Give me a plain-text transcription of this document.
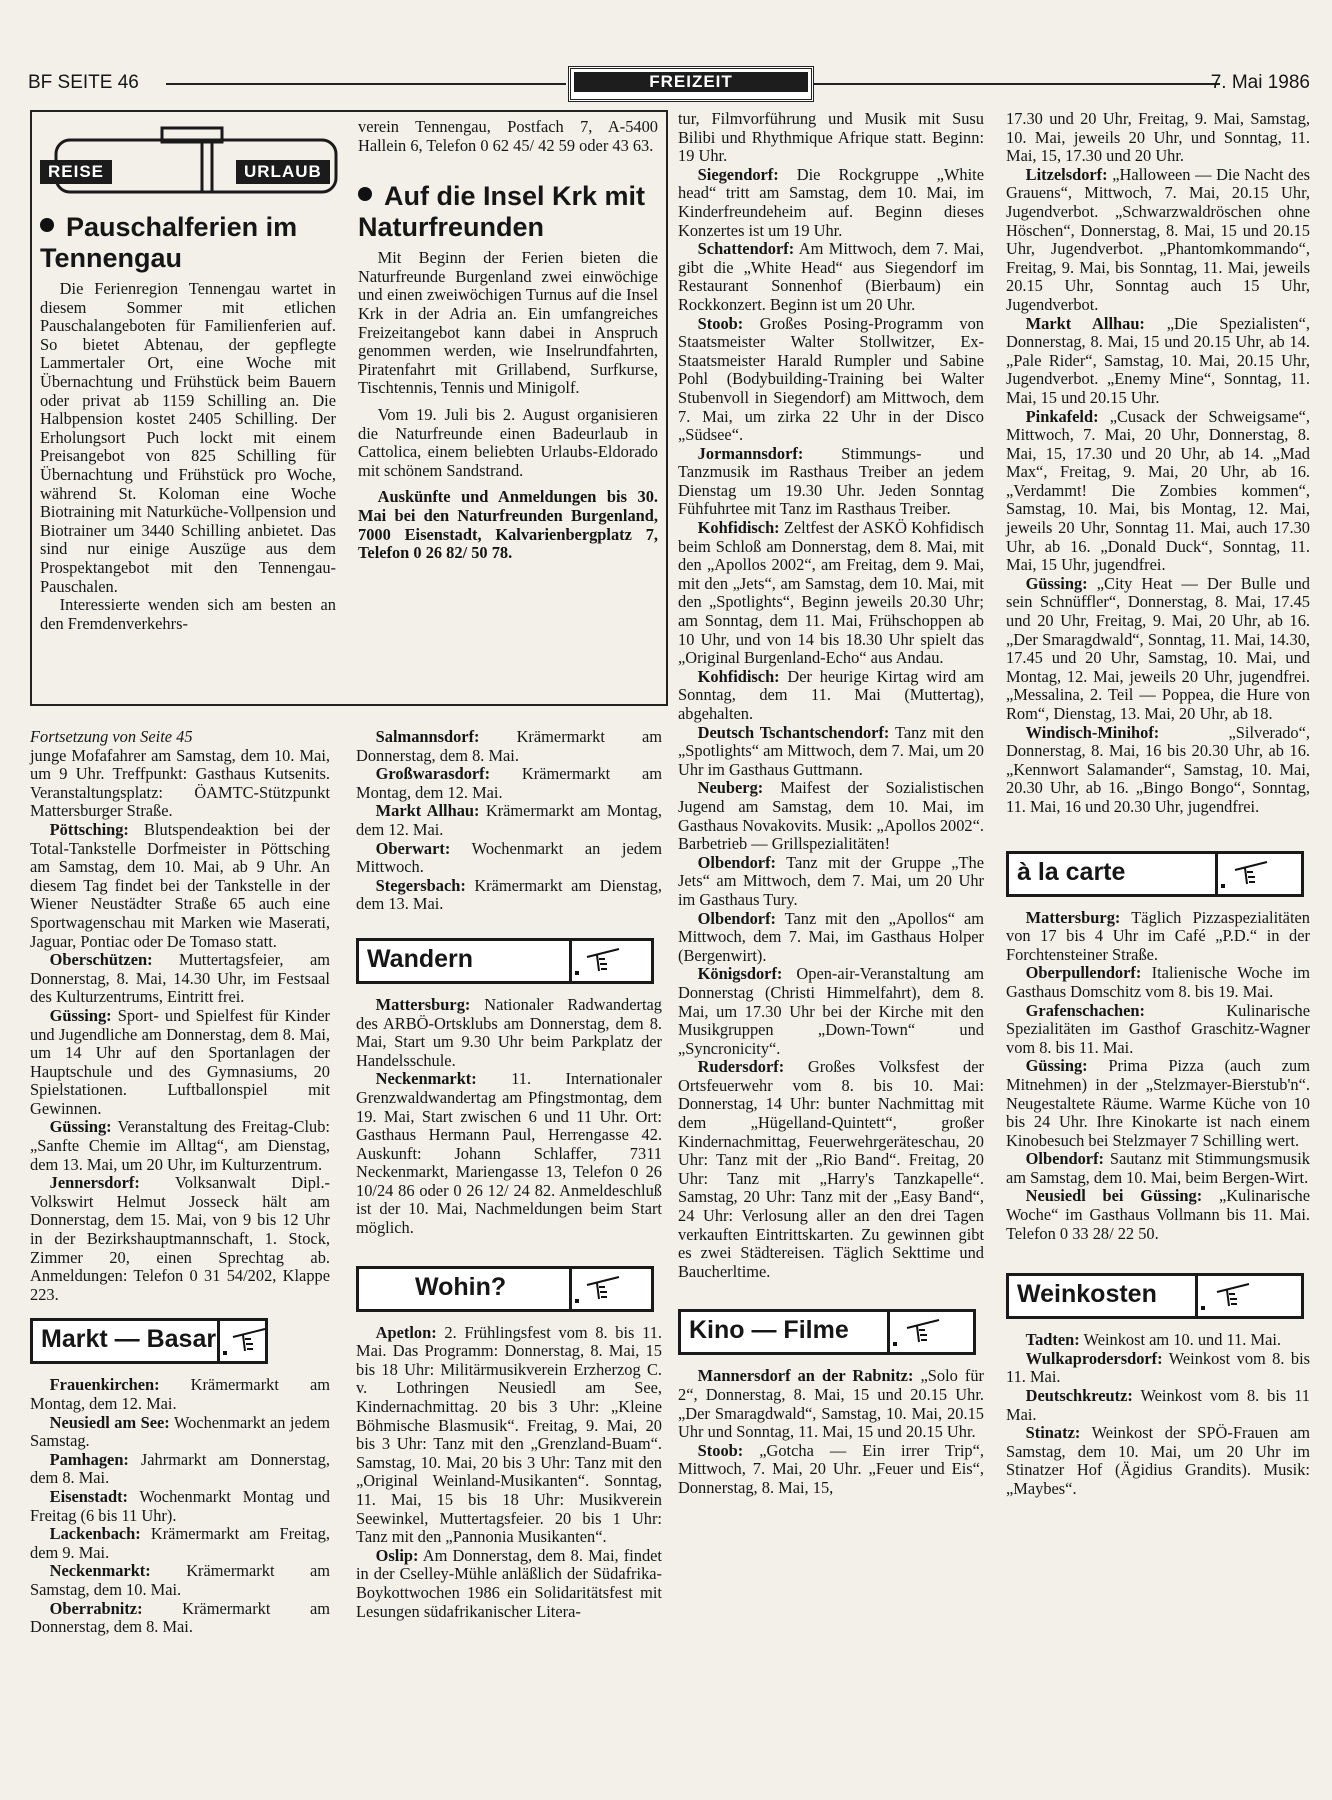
BF SEITE 46	FREIZEIT	7. Mai 1986
REISE	URLAUB
Pauschalferien im Tennengau

Die Ferienregion Tennengau wartet in diesem Sommer mit etlichen Pauschalangeboten für Familienferien auf. So bietet Abtenau, der gepflegte Lammertaler Ort, eine Woche mit Übernachtung und Frühstück beim Bauern oder privat ab 1159 Schilling an. Die Halbpension kostet 2405 Schilling. Der Erholungsort Puch lockt mit einem Preisangebot von 825 Schilling für Übernachtung und Frühstück pro Woche, während St. Koloman eine Woche Biotraining mit Naturküche-Vollpension und Biotrainer um 3440 Schilling anbietet. Das sind nur einige Auszüge aus dem Prospektangebot mit den Tennengau-Pauschalen.

Interessierte wenden sich am besten an den Fremdenverkehrs-

verein Tennengau, Postfach 7, A-5400 Hallein 6, Telefon 0 62 45/ 42 59 oder 43 63.

Auf die Insel Krk mit Naturfreunden

Mit Beginn der Ferien bieten die Naturfreunde Burgenland zwei einwöchige und einen zweiwöchigen Turnus auf die Insel Krk in der Adria an. Ein umfangreiches Freizeitangebot kann dabei in Anspruch genommen werden, wie Inselrundfahrten, Piratenfahrt mit Grillabend, Surfkurse, Tischtennis, Tennis und Minigolf.

Vom 19. Juli bis 2. August organisieren die Naturfreunde einen Badeurlaub in Cattolica, einem beliebten Urlaubs-Eldorado mit schönem Sandstrand.

Auskünfte und Anmeldungen bis 30. Mai bei den Naturfreunden Burgenland, 7000 Eisenstadt, Kalvarienbergplatz 7, Telefon 0 26 82/ 50 78.

Fortsetzung von Seite 45

junge Mofafahrer am Samstag, dem 10. Mai, um 9 Uhr. Treffpunkt: Gasthaus Kutsenits. Veranstaltungsplatz: ÖAMTC-Stützpunkt Mattersburger Straße.

Pöttsching: Blutspendeaktion bei der Total-Tankstelle Dorfmeister in Pöttsching am Samstag, dem 10. Mai, ab 9 Uhr. An diesem Tag findet bei der Tankstelle in der Wiener Neustädter Straße 65 auch eine Sportwagenschau mit Marken wie Maserati, Jaguar, Pontiac oder De Tomaso statt.

Oberschützen: Muttertagsfeier, am Donnerstag, 8. Mai, 14.30 Uhr, im Festsaal des Kulturzentrums, Eintritt frei.

Güssing: Sport- und Spielfest für Kinder und Jugendliche am Donnerstag, dem 8. Mai, um 14 Uhr auf den Sportanlagen der Hauptschule und des Gymnasiums, 20 Spielstationen. Luftballonspiel mit Gewinnen.

Güssing: Veranstaltung des Freitag-Club: „Sanfte Chemie im Alltag“, am Dienstag, dem 13. Mai, um 20 Uhr, im Kulturzentrum.

Jennersdorf: Volksanwalt Dipl.-Volkswirt Helmut Josseck hält am Donnerstag, dem 15. Mai, von 9 bis 12 Uhr in der Bezirkshauptmannschaft, 1. Stock, Zimmer 20, einen Sprechtag ab. Anmeldungen: Telefon 0 31 54/202, Klappe 223.

Markt — Basar

Frauenkirchen: Krämermarkt am Montag, dem 12. Mai.

Neusiedl am See: Wochenmarkt an jedem Samstag.

Pamhagen: Jahrmarkt am Donnerstag, dem 8. Mai.

Eisenstadt: Wochenmarkt Montag und Freitag (6 bis 11 Uhr).

Lackenbach: Krämermarkt am Freitag, dem 9. Mai.

Neckenmarkt: Krämermarkt am Samstag, dem 10. Mai.

Oberrabnitz: Krämermarkt am Donnerstag, dem 8. Mai.

Salmannsdorf: Krämermarkt am Donnerstag, dem 8. Mai.

Großwarasdorf: Krämermarkt am Montag, dem 12. Mai.

Markt Allhau: Krämermarkt am Montag, dem 12. Mai.

Oberwart: Wochenmarkt an jedem Mittwoch.

Stegersbach: Krämermarkt am Dienstag, dem 13. Mai.

Wandern

Mattersburg: Nationaler Radwandertag des ARBÖ-Ortsklubs am Donnerstag, dem 8. Mai, Start um 9.30 Uhr beim Parkplatz der Handelsschule.

Neckenmarkt: 11. Internationaler Grenzwaldwandertag am Pfingstmontag, dem 19. Mai, Start zwischen 6 und 11 Uhr. Ort: Gasthaus Hermann Paul, Herrengasse 42. Auskunft: Johann Schlaffer, 7311 Neckenmarkt, Mariengasse 13, Telefon 0 26 10/24 86 oder 0 26 12/ 24 82. Anmeldeschluß ist der 10. Mai, Nachmeldungen beim Start möglich.

Wohin?

Apetlon: 2. Frühlingsfest vom 8. bis 11. Mai. Das Programm: Donnerstag, 8. Mai, 15 bis 18 Uhr: Militärmusikverein Erzherzog C. v. Lothringen Neusiedl am See, Kindernachmittag. 20 bis 3 Uhr: „Kleine Böhmische Blasmusik“. Freitag, 9. Mai, 20 bis 3 Uhr: Tanz mit den „Grenzland-Buam“. Samstag, 10. Mai, 20 bis 3 Uhr: Tanz mit den „Original Weinland-Musikanten“. Sonntag, 11. Mai, 15 bis 18 Uhr: Musikverein Seewinkel, Muttertagsfeier. 20 bis 1 Uhr: Tanz mit den „Pannonia Musikanten“.

Oslip: Am Donnerstag, dem 8. Mai, findet in der Cselley-Mühle anläßlich der Südafrika-Boykottwochen 1986 ein Solidaritätsfest mit Lesungen südafrikanischer Litera-

tur, Filmvorführung und Musik mit Susu Bilibi und Rhythmique Afrique statt. Beginn: 19 Uhr.

Siegendorf: Die Rockgruppe „White head“ tritt am Samstag, dem 10. Mai, im Kinderfreundeheim auf. Beginn dieses Konzertes ist um 19 Uhr.

Schattendorf: Am Mittwoch, dem 7. Mai, gibt die „White Head“ aus Siegendorf im Restaurant Sonnenhof (Bierbaum) ein Rockkonzert. Beginn ist um 20 Uhr.

Stoob: Großes Posing-Programm von Staatsmeister Walter Stollwitzer, Ex-Staatsmeister Harald Rumpler und Sabine Pohl (Bodybuilding-Training bei Walter Stubenvoll in Siegendorf) am Mittwoch, dem 7. Mai, um zirka 22 Uhr in der Disco „Südsee“.

Jormannsdorf: Stimmungs- und Tanzmusik im Rasthaus Treiber an jedem Dienstag um 19.30 Uhr. Jeden Sonntag Fühfuhrtee mit Tanz im Rasthaus Treiber.

Kohfidisch: Zeltfest der ASKÖ Kohfidisch beim Schloß am Donnerstag, dem 8. Mai, mit den „Apollos 2002“, am Freitag, dem 9. Mai, mit den „Jets“, am Samstag, dem 10. Mai, mit den „Spotlights“, Beginn jeweils 20.30 Uhr; am Sonntag, dem 11. Mai, Frühschoppen ab 10 Uhr, und von 14 bis 18.30 Uhr spielt das „Original Burgenland-Echo“ aus Andau.

Kohfidisch: Der heurige Kirtag wird am Sonntag, dem 11. Mai (Muttertag), abgehalten.

Deutsch Tschantschendorf: Tanz mit den „Spotlights“ am Mittwoch, dem 7. Mai, um 20 Uhr im Gasthaus Guttmann.

Neuberg: Maifest der Sozialistischen Jugend am Samstag, dem 10. Mai, im Gasthaus Novakovits. Musik: „Apollos 2002“. Barbetrieb — Grillspezialitäten!

Olbendorf: Tanz mit der Gruppe „The Jets“ am Mittwoch, dem 7. Mai, um 20 Uhr im Gasthaus Tury.

Olbendorf: Tanz mit den „Apollos“ am Mittwoch, dem 7. Mai, im Gasthaus Holper (Bergenwirt).

Königsdorf: Open-air-Veranstaltung am Donnerstag (Christi Himmelfahrt), dem 8. Mai, um 17.30 Uhr bei der Kirche mit den Musikgruppen „Down-Town“ und „Syncronicity“.

Rudersdorf: Großes Volksfest der Ortsfeuerwehr vom 8. bis 10. Mai: Donnerstag, 14 Uhr: bunter Nachmittag mit dem „Hügelland-Quintett“, großer Kindernachmittag, Feuerwehrgeräteschau, 20 Uhr: Tanz mit der „Rio Band“. Freitag, 20 Uhr: Tanz mit „Harry's Tanzkapelle“. Samstag, 20 Uhr: Tanz mit der „Easy Band“, 24 Uhr: Verlosung aller an den drei Tagen verkauften Eintrittskarten. Zu gewinnen gibt es zwei Städtereisen. Täglich Sekttime und Baucherltime.

Kino — Filme

Mannersdorf an der Rabnitz: „Solo für 2“, Donnerstag, 8. Mai, 15 und 20.15 Uhr. „Der Smaragdwald“, Samstag, 10. Mai, 20.15 Uhr und Sonntag, 11. Mai, 15 und 20.15 Uhr.

Stoob: „Gotcha — Ein irrer Trip“, Mittwoch, 7. Mai, 20 Uhr. „Feuer und Eis“, Donnerstag, 8. Mai, 15,

17.30 und 20 Uhr, Freitag, 9. Mai, Samstag, 10. Mai, jeweils 20 Uhr, und Sonntag, 11. Mai, 15, 17.30 und 20 Uhr.

Litzelsdorf: „Halloween — Die Nacht des Grauens“, Mittwoch, 7. Mai, 20.15 Uhr, Jugendverbot. „Schwarzwaldröschen ohne Höschen“, Donnerstag, 8. Mai, 15 und 20.15 Uhr, Jugendverbot. „Phantomkommando“, Freitag, 9. Mai, bis Sonntag, 11. Mai, jeweils 20.15 Uhr, Sonntag auch 15 Uhr, Jugendverbot.

Markt Allhau: „Die Spezialisten“, Donnerstag, 8. Mai, 15 und 20.15 Uhr, ab 14. „Pale Rider“, Samstag, 10. Mai, 20.15 Uhr, Jugendverbot. „Enemy Mine“, Sonntag, 11. Mai, 15 und 20.15 Uhr.

Pinkafeld: „Cusack der Schweigsame“, Mittwoch, 7. Mai, 20 Uhr, Donnerstag, 8. Mai, 15, 17.30 und 20 Uhr, ab 14. „Mad Max“, Freitag, 9. Mai, 20 Uhr, ab 16. „Verdammt! Die Zombies kommen“, Samstag, 10. Mai, bis Montag, 12. Mai, jeweils 20 Uhr, Sonntag 11. Mai, auch 17.30 Uhr, ab 16. „Donald Duck“, Sonntag, 11. Mai, 15 Uhr, jugendfrei.

Güssing: „City Heat — Der Bulle und sein Schnüffler“, Donnerstag, 8. Mai, 17.45 und 20 Uhr, Freitag, 9. Mai, 20 Uhr, ab 16. „Der Smaragdwald“, Sonntag, 11. Mai, 14.30, 17.45 und 20 Uhr, Samstag, 10. Mai, und Montag, 12. Mai, jeweils 20 Uhr, jugendfrei. „Messalina, 2. Teil — Poppea, die Hure von Rom“, Dienstag, 13. Mai, 20 Uhr, ab 18.

Windisch-Minihof:	„Silverado“, Donnerstag, 8. Mai, 16 bis 20.30 Uhr, ab 16. „Kennwort Salamander“, Samstag, 10. Mai, 20.30 Uhr, ab 16. „Bingo Bongo“, Sonntag, 11. Mai, 16 und 20.30 Uhr, jugendfrei.

à la carte

Mattersburg: Täglich Pizzaspezialitäten von 17 bis 4 Uhr im Café „P.D.“ in der Forchtensteiner Straße.

Oberpullendorf: Italienische Woche im Gasthaus Domschitz vom 8. bis 19. Mai.

Grafenschachen:	Kulinarische Spezialitäten im Gasthof Graschitz-Wagner vom 8. bis 11. Mai.

Güssing: Prima Pizza (auch zum Mitnehmen) in der „Stelzmayer-Bierstub'n“. Neugestaltete Räume. Warme Küche von 10 bis 24 Uhr. Ihre Kinokarte ist nach einem Kinobesuch bei Stelzmayer 7 Schilling wert.

Olbendorf: Sautanz mit Stimmungsmusik am Samstag, dem 10. Mai, beim Bergen-Wirt.

Neusiedl bei Güssing: „Kulinarische Woche“ im Gasthaus Vollmann bis 11. Mai. Telefon 0 33 28/ 22 50.

Weinkosten

Tadten: Weinkost am 10. und 11. Mai.

Wulkaprodersdorf: Weinkost vom 8. bis 11. Mai.

Deutschkreutz: Weinkost vom 8. bis 11 Mai.

Stinatz: Weinkost der SPÖ-Frauen am Samstag, dem 10. Mai, um 20 Uhr im Stinatzer Hof (Ägidius Grandits). Musik: „Maybes“.
